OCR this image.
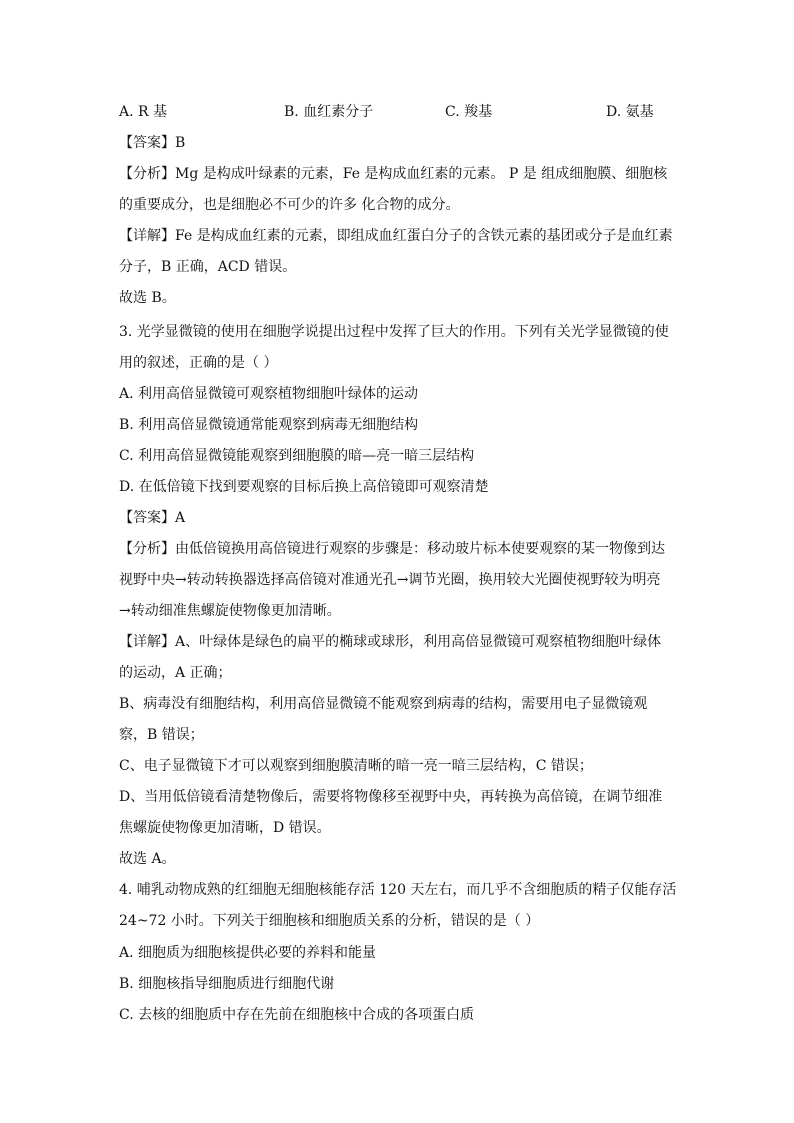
A. R 基	B. 血红素分子	C. 羧基	D. 氨基
【答案】B
【分析】Mg 是构成叶绿素的元素，Fe 是构成血红素的元素。 P 是 组成细胞膜、细胞核
的重要成分，也是细胞必不可少的许多 化合物的成分。
【详解】Fe 是构成血红素的元素，即组成血红蛋白分子的含铁元素的基团或分子是血红素
分子，B 正确，ACD 错误。
故选 B。
3. 光学显微镜的使用在细胞学说提出过程中发挥了巨大的作用。下列有关光学显微镜的使
用的叙述，正确的是（ ）
A. 利用高倍显微镜可观察植物细胞叶绿体的运动
B. 利用高倍显微镜通常能观察到病毒无细胞结构
C. 利用高倍显微镜能观察到细胞膜的暗—亮一暗三层结构
D. 在低倍镜下找到要观察的目标后换上高倍镜即可观察清楚
【答案】A
【分析】由低倍镜换用高倍镜进行观察的步骤是：移动玻片标本使要观察的某一物像到达
视野中央→转动转换器选择高倍镜对准通光孔→调节光圈，换用较大光圈使视野较为明亮
→转动细准焦螺旋使物像更加清晰。
【详解】A、叶绿体是绿色的扁平的椭球或球形，利用高倍显微镜可观察植物细胞叶绿体
的运动，A 正确；
B、病毒没有细胞结构，利用高倍显微镜不能观察到病毒的结构，需要用电子显微镜观
察，B 错误；
C、电子显微镜下才可以观察到细胞膜清晰的暗一亮一暗三层结构，C 错误；
D、当用低倍镜看清楚物像后，需要将物像移至视野中央，再转换为高倍镜，在调节细准
焦螺旋使物像更加清晰，D 错误。
故选 A。
4. 哺乳动物成熟的红细胞无细胞核能存活 120 天左右，而几乎不含细胞质的精子仅能存活
24~72 小时。下列关于细胞核和细胞质关系的分析，错误的是（ ）
A. 细胞质为细胞核提供必要的养料和能量
B. 细胞核指导细胞质进行细胞代谢
C. 去核的细胞质中存在先前在细胞核中合成的各项蛋白质
